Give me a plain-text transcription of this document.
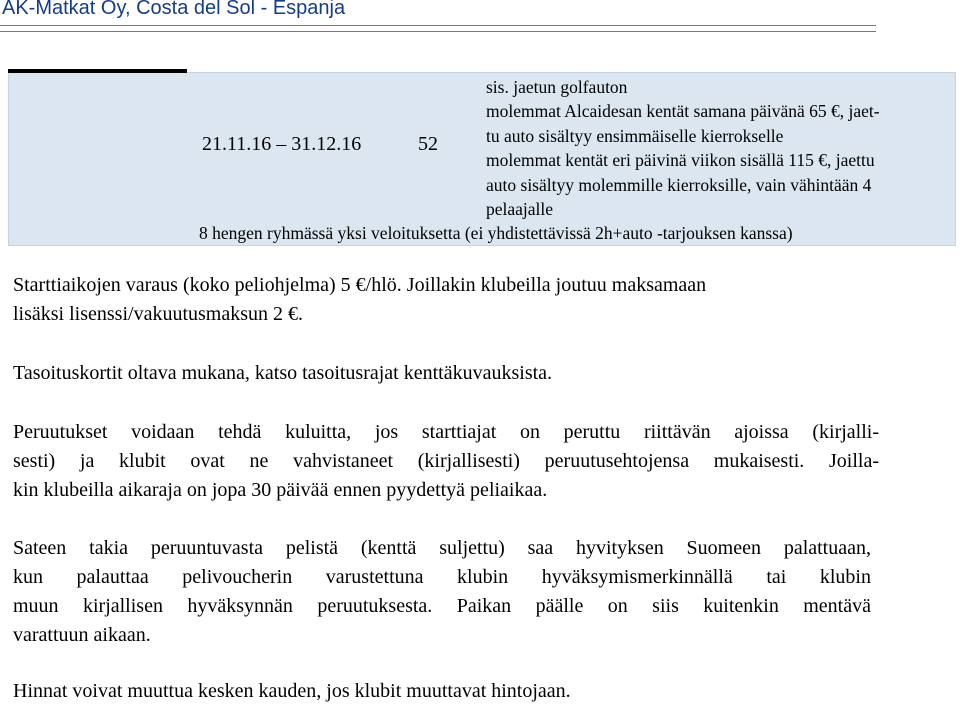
AK-Matkat Oy, Costa del Sol - Espanja
21.11.16 – 31.12.16	52
sis. jaetun golfauton
molemmat Alcaidesan kentät samana päivänä 65 €, jaet-
tu auto sisältyy ensimmäiselle kierrokselle
molemmat kentät eri päivinä viikon sisällä 115 €, jaettu
auto sisältyy molemmille kierroksille, vain vähintään 4
pelaajalle
8 hengen ryhmässä yksi veloituksetta (ei yhdistettävissä 2h+auto -tarjouksen kanssa)
Starttiaikojen varaus (koko peliohjelma) 5 €/hlö. Joillakin klubeilla joutuu maksamaan
lisäksi lisenssi/vakuutusmaksun 2 €.
Tasoituskortit oltava mukana, katso tasoitusrajat kenttäkuvauksista.
Peruutukset voidaan tehdä kuluitta, jos starttiajat on peruttu riittävän ajoissa (kirjalli-
sesti) ja klubit ovat ne vahvistaneet (kirjallisesti) peruutusehtojensa mukaisesti. Joilla-
kin klubeilla aikaraja on jopa 30 päivää ennen pyydettyä peliaikaa.
Sateen takia peruuntuvasta pelistä (kenttä suljettu) saa hyvityksen Suomeen palattuaan,
kun palauttaa pelivoucherin varustettuna klubin hyväksymismerkinnällä tai klubin
muun kirjallisen hyväksynnän peruutuksesta. Paikan päälle on siis kuitenkin mentävä
varattuun aikaan.
Hinnat voivat muuttua kesken kauden, jos klubit muuttavat hintojaan.
